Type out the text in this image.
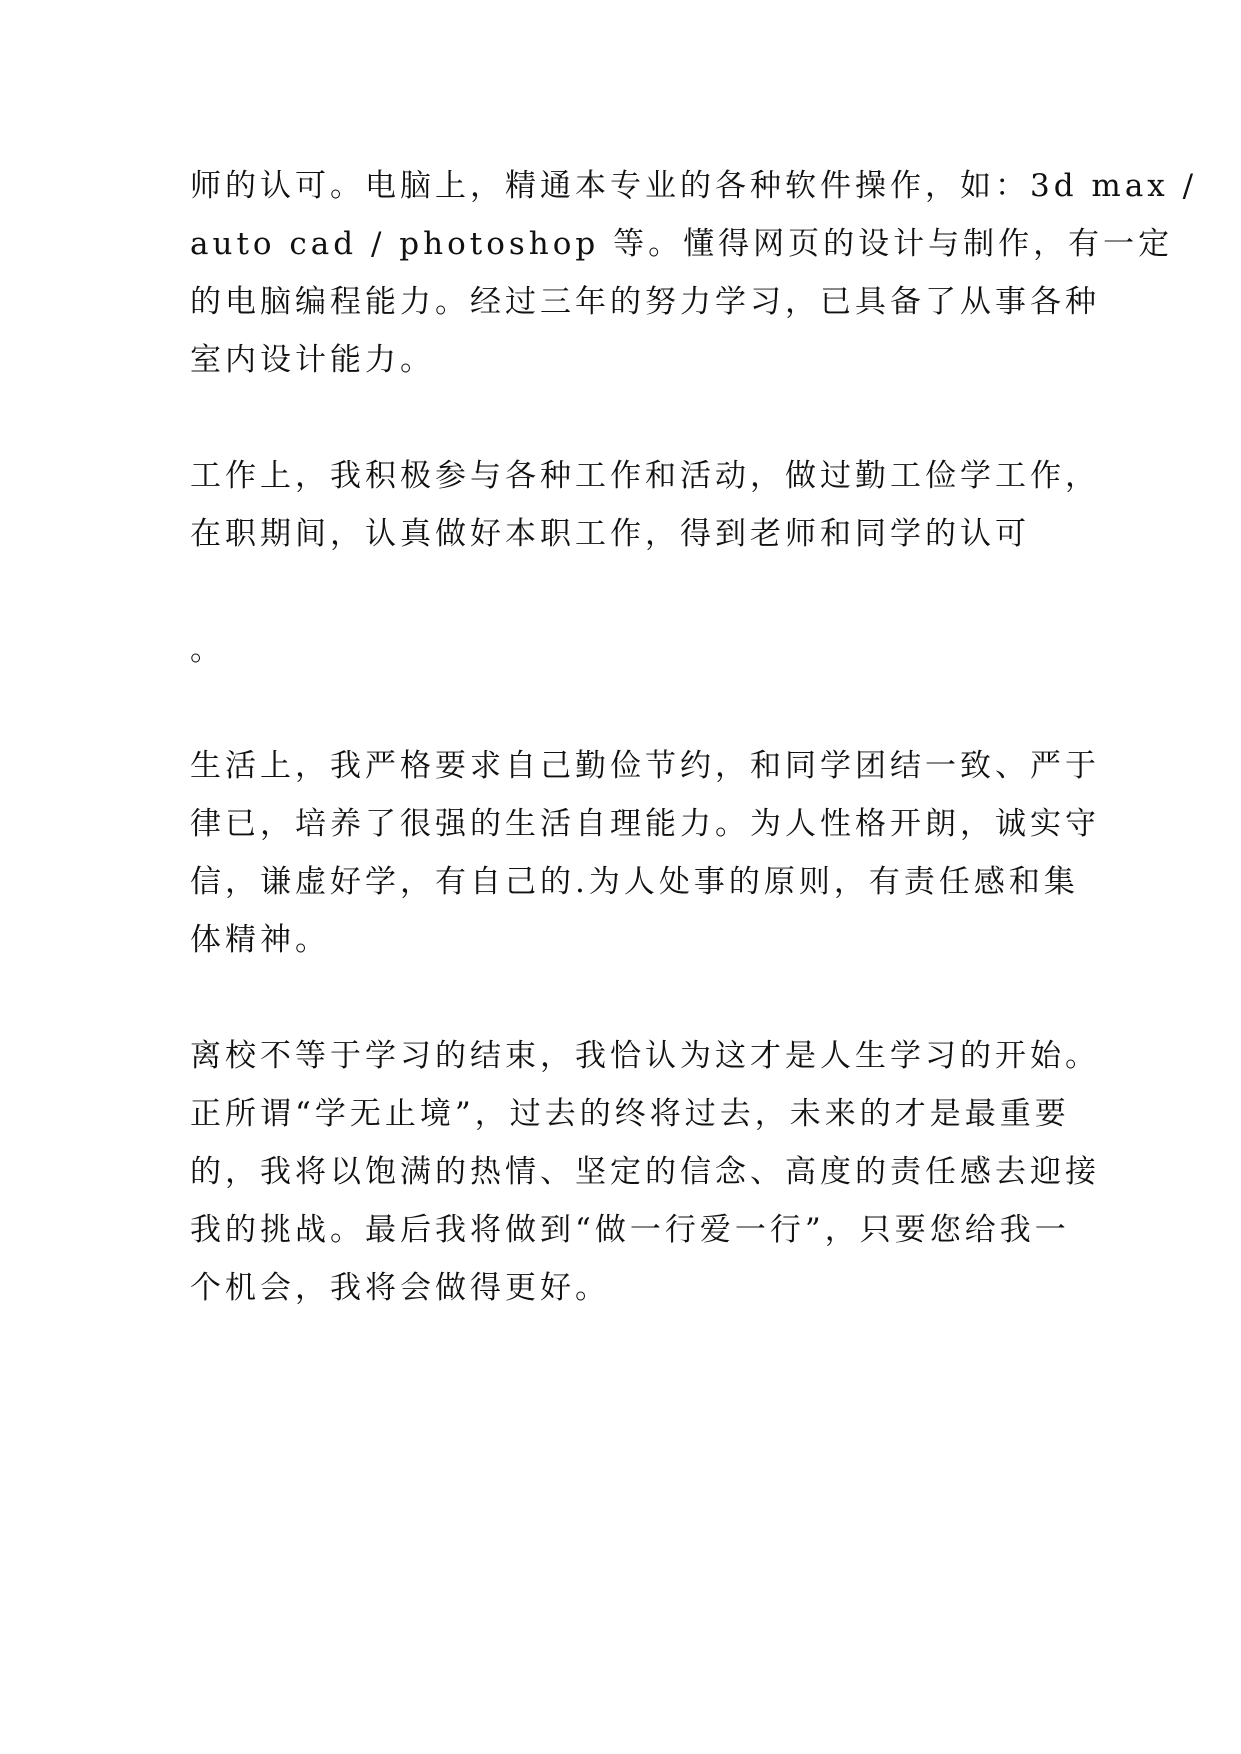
师的认可。电脑上，精通本专业的各种软件操作，如：3d max /
auto cad / photoshop 等。懂得网页的设计与制作，有一定
的电脑编程能力。经过三年的努力学习，已具备了从事各种
室内设计能力。
工作上，我积极参与各种工作和活动，做过勤工俭学工作，
在职期间，认真做好本职工作，得到老师和同学的认可
。
生活上，我严格要求自己勤俭节约，和同学团结一致、严于
律已，培养了很强的生活自理能力。为人性格开朗，诚实守
信，谦虚好学，有自己的.为人处事的原则，有责任感和集
体精神。
离校不等于学习的结束，我恰认为这才是人生学习的开始。
正所谓“学无止境”，过去的终将过去，未来的才是最重要
的，我将以饱满的热情、坚定的信念、高度的责任感去迎接
我的挑战。最后我将做到“做一行爱一行”，只要您给我一
个机会，我将会做得更好。
